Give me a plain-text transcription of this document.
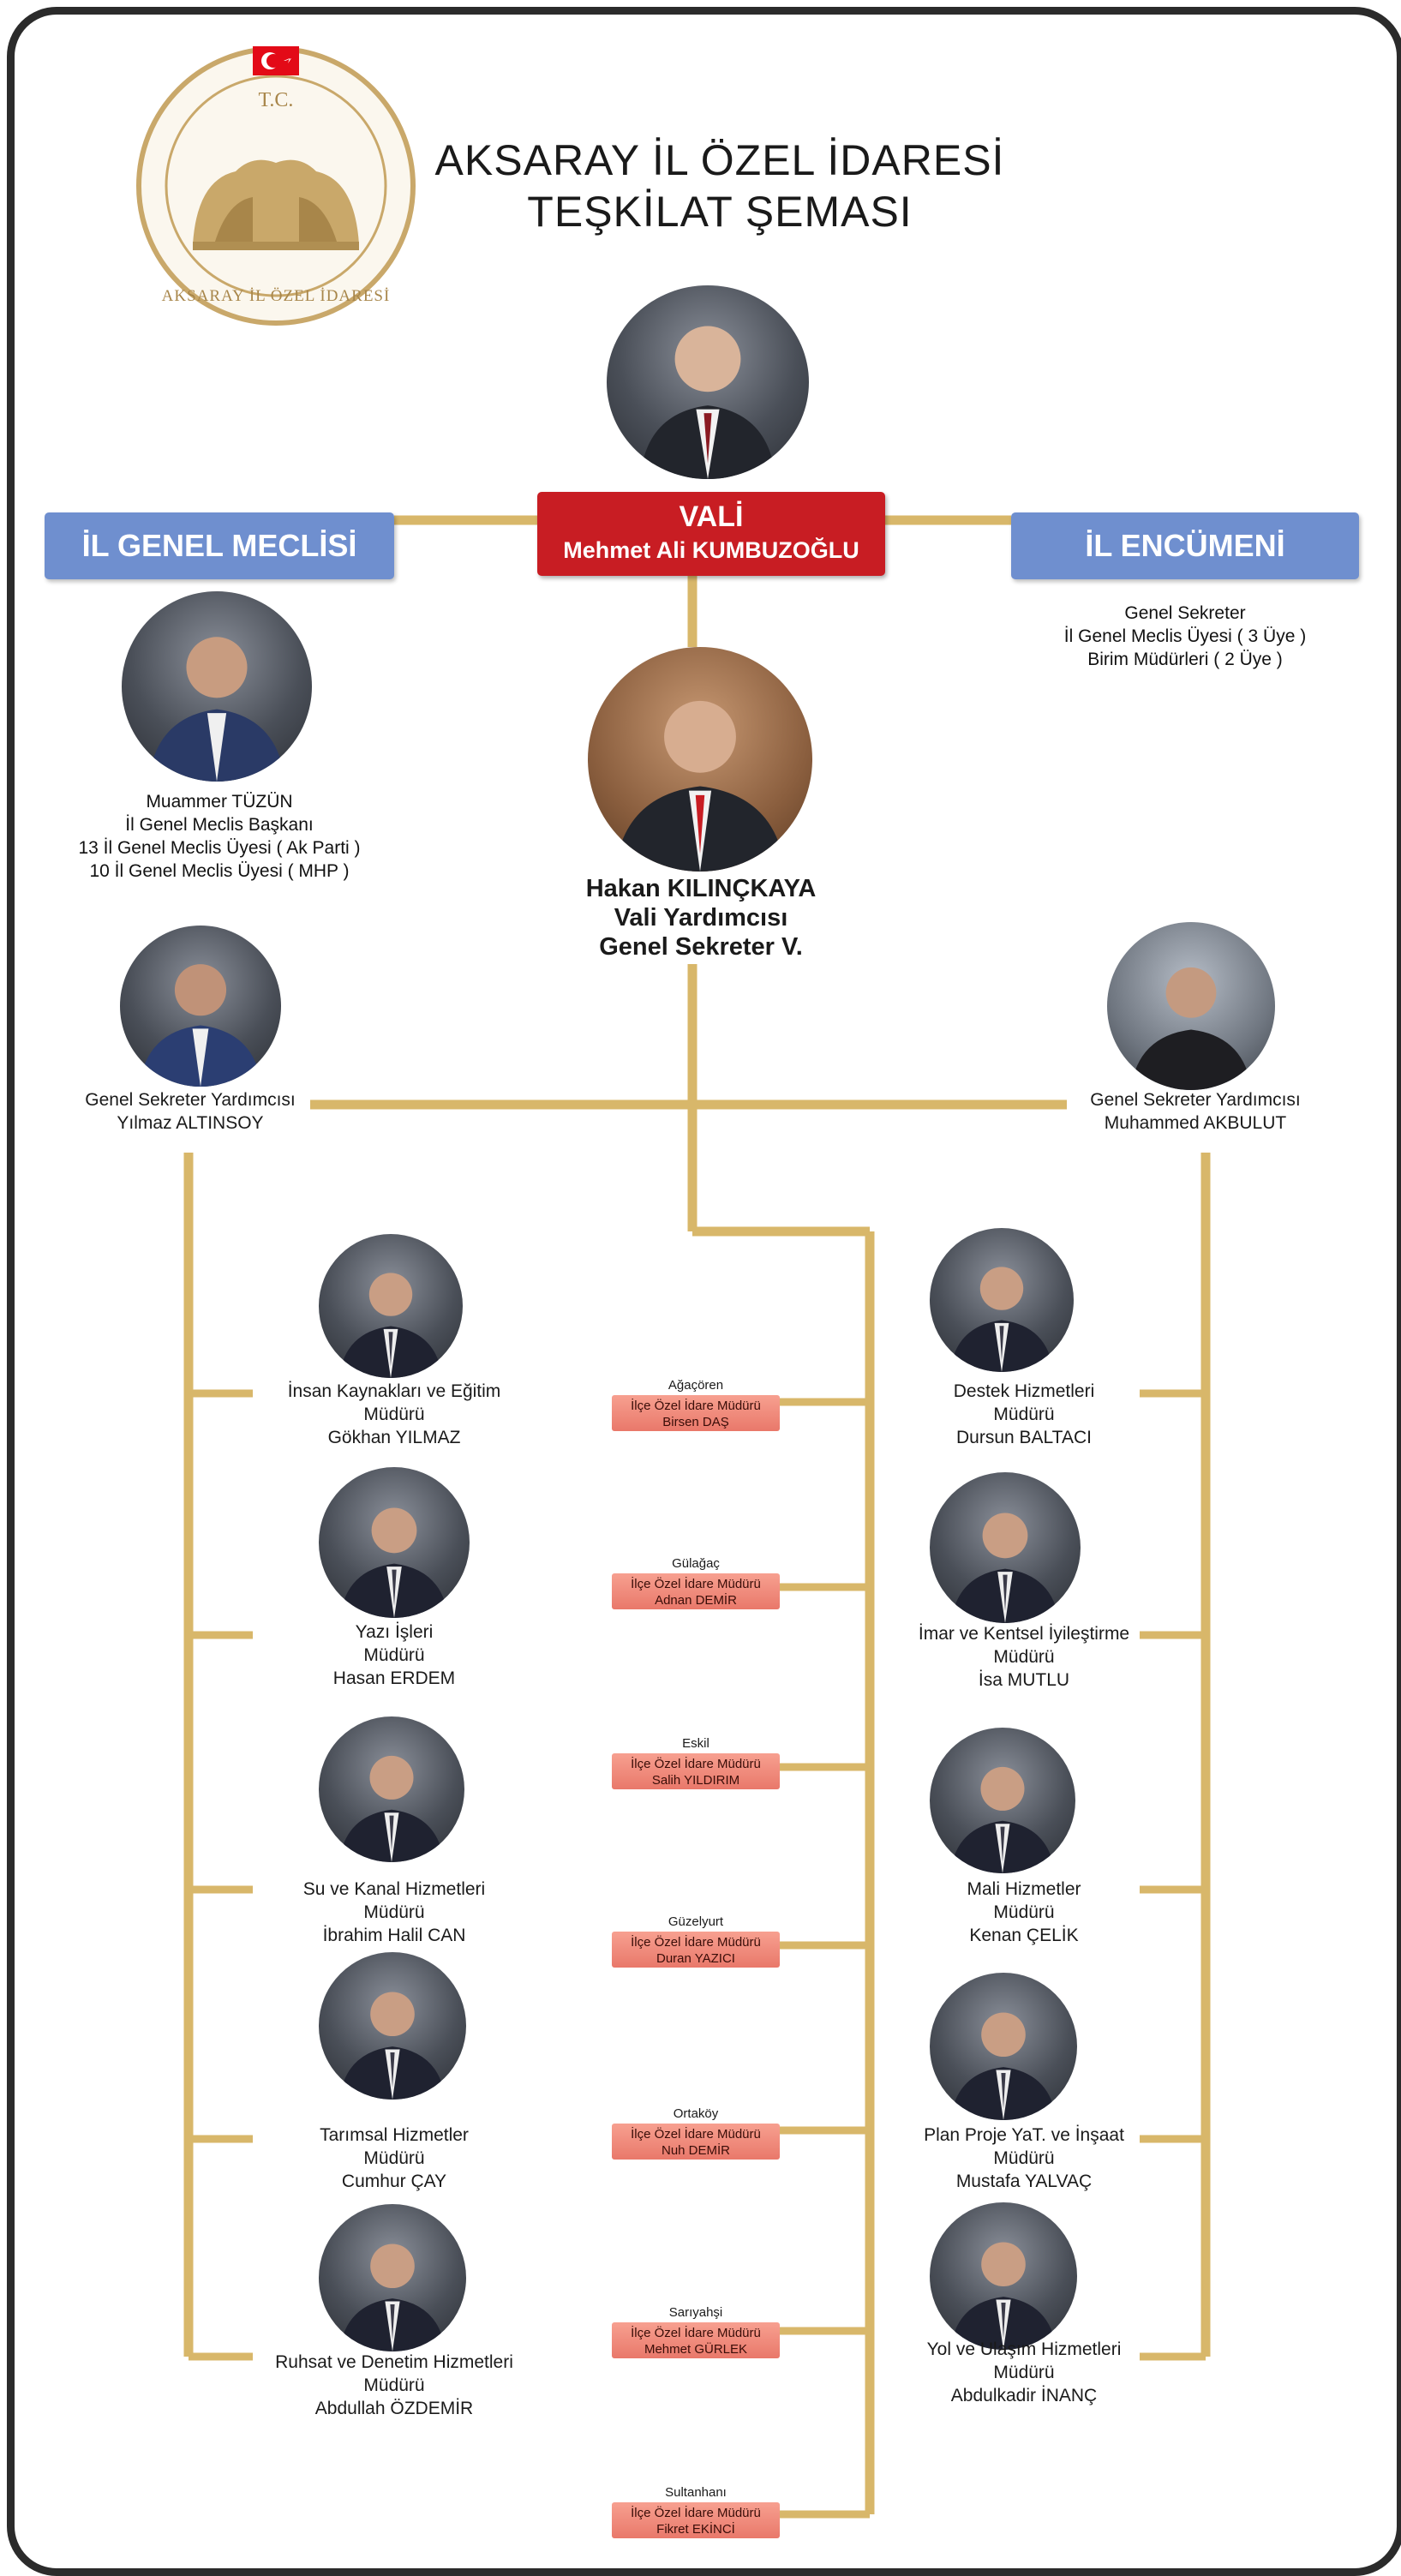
T.C.
AKSARAY İL ÖZEL İDARESİ
AKSARAY İL ÖZEL İDARESİ
TEŞKİLAT ŞEMASI
İL GENEL MECLİSİ
VALİ
Mehmet Ali KUMBUZOĞLU	İL ENCÜMENİ
Muammer TÜZÜN
İl Genel Meclis Başkanı
13 İl Genel Meclis Üyesi ( Ak Parti )
10 İl Genel Meclis Üyesi ( MHP )
Genel Sekreter
İl Genel Meclis Üyesi ( 3 Üye )
Birim Müdürleri ( 2 Üye )
Hakan KILINÇKAYA
Vali Yardımcısı
Genel Sekreter V.
Genel Sekreter Yardımcısı
Yılmaz ALTINSOY
Genel Sekreter Yardımcısı
Muhammed AKBULUT
İnsan Kaynakları ve Eğitim
Müdürü
Gökhan YILMAZ
Yazı İşleri
Müdürü
Hasan ERDEM
Su ve Kanal Hizmetleri
Müdürü
İbrahim Halil CAN
Tarımsal Hizmetler
Müdürü
Cumhur ÇAY
Ruhsat ve Denetim Hizmetleri
Müdürü
Abdullah ÖZDEMİR
Destek Hizmetleri
Müdürü
Dursun BALTACI
İmar ve Kentsel İyileştirme
Müdürü
İsa MUTLU
Mali Hizmetler
Müdürü
Kenan ÇELİK
Plan Proje YaT. ve İnşaat
Müdürü
Mustafa YALVAÇ
Yol ve Ulaşım Hizmetleri
Müdürü
Abdulkadir İNANÇ
Ağaçören
İlçe Özel İdare Müdürü
Birsen DAŞ
Gülağaç
İlçe Özel İdare Müdürü
Adnan DEMİR
Eskil
İlçe Özel İdare Müdürü
Salih YILDIRIM
Güzelyurt
İlçe Özel İdare Müdürü
Duran YAZICI
Ortaköy
İlçe Özel İdare Müdürü
Nuh DEMİR
Sarıyahşi
İlçe Özel İdare Müdürü
Mehmet GÜRLEK
Sultanhanı
İlçe Özel İdare Müdürü
Fikret EKİNCİ
